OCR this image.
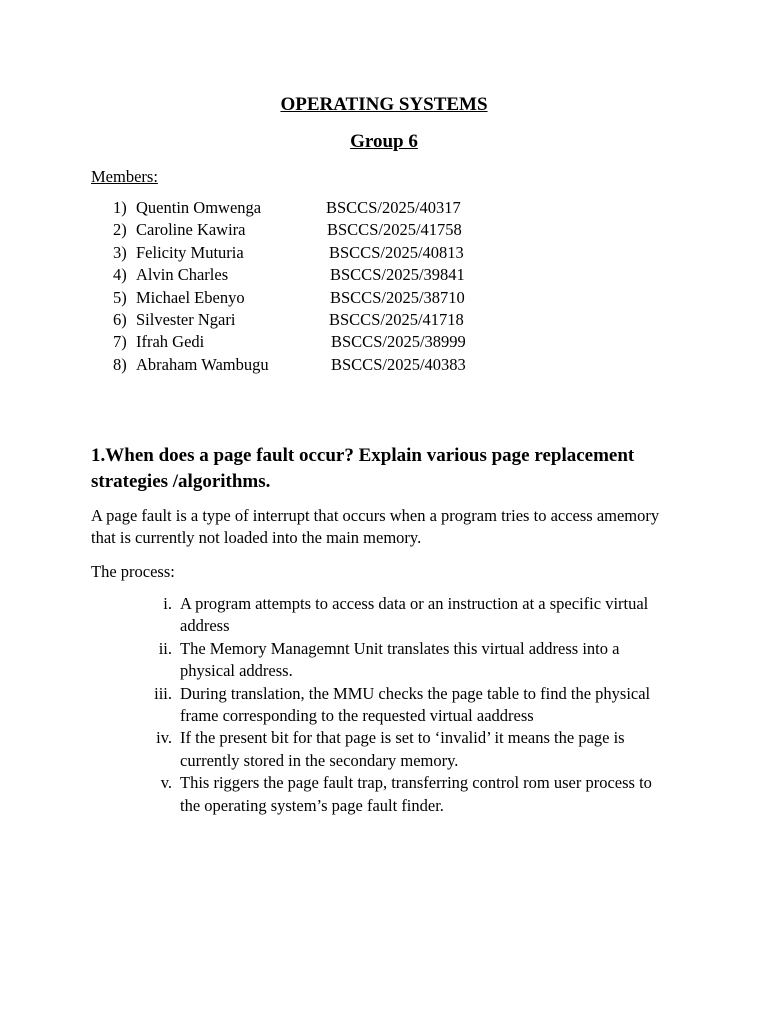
OPERATING SYSTEMS
Group 6

Members:

1) Quentin Omwenga	BSCCS/2025/40317
2) Caroline Kawira	BSCCS/2025/41758
3) Felicity Muturia	BSCCS/2025/40813
4) Alvin Charles	BSCCS/2025/39841
5) Michael Ebenyo	BSCCS/2025/38710
6) Silvester Ngari	BSCCS/2025/41718
7) Ifrah Gedi	BSCCS/2025/38999
8) Abraham Wambugu	BSCCS/2025/40383
1.When does a page fault occur? Explain various page replacement strategies /algorithms.

A page fault is a type of interrupt that occurs when a program tries to access amemory that is currently not loaded into the main memory.

The process:

i. A program attempts to access data or an instruction at a specific virtual address
ii. The Memory Managemnt Unit translates this virtual address into a physical address.
iii. During translation, the MMU checks the page table to find the physical frame corresponding to the requested virtual aaddress
iv. If the present bit for that page is set to ‘invalid’ it means the page is currently stored in the secondary memory.
v. This riggers the page fault trap, transferring control rom user process to the operating system’s page fault finder.
